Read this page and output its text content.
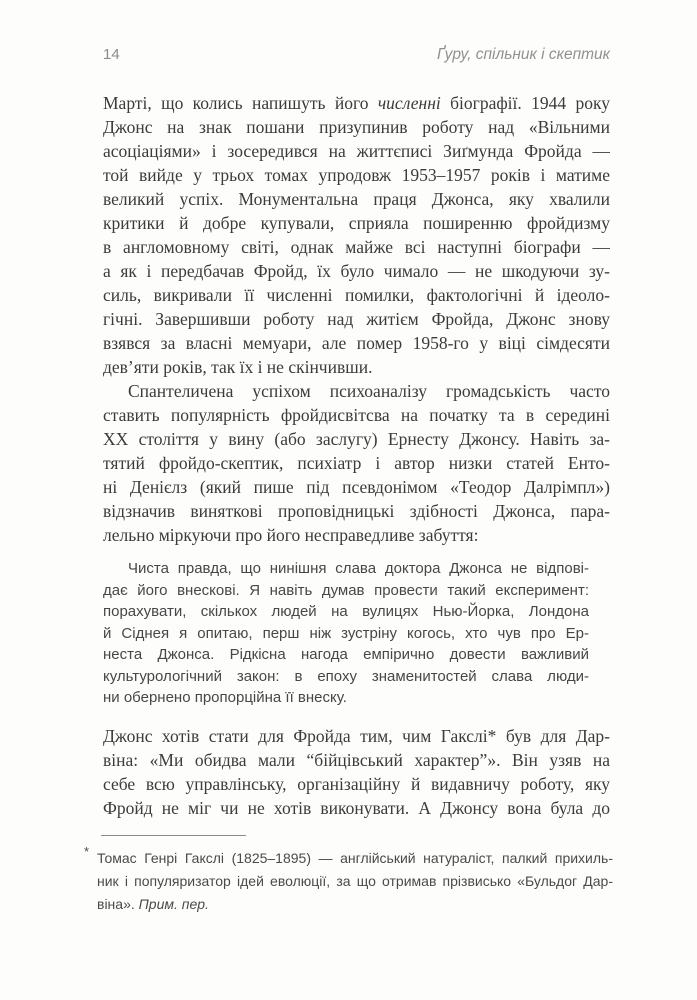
14	Ґуру, спільник і скептик
Марті, що колись напишуть його численні біографії. 1944 року
Джонс на знак пошани призупинив роботу над «Вільними
асоціаціями» і зосередився на життєписі Зиґмунда Фройда —
той вийде у трьох томах упродовж 1953–1957 років і матиме
великий успіх. Монументальна праця Джонса, яку хвалили
критики й добре купували, сприяла поширенню фройдизму
в англомовному світі, однак майже всі наступні біографи —
а як і передбачав Фройд, їх було чимало — не шкодуючи зу-
силь, викривали її численні помилки, фактологічні й ідеоло-
гічні. Завершивши роботу над житієм Фройда, Джонс знову
взявся за власні мемуари, але помер 1958-го у віці сімдесяти
дев’яти років, так їх і не скінчивши.
Спантеличена успіхом психоаналізу громадськість часто
ставить популярність фройдисвітсва на початку та в середині
ХХ століття у вину (або заслугу) Ернесту Джонсу. Навіть за-
тятий фройдо-скептик, психіатр і автор низки статей Енто-
ні Денієлз (який пише під псевдонімом «Теодор Далрімпл»)
відзначив виняткові проповідницькі здібності Джонса, пара-
лельно міркуючи про його несправедливе забуття:
Чиста правда, що нинішня слава доктора Джонса не відпові-
дає його внескові. Я навіть думав провести такий експеримент:
порахувати, скількох людей на вулицях Нью-Йорка, Лондона
й Сіднея я опитаю, перш ніж зустріну когось, хто чув про Ер-
неста Джонса. Рідкісна нагода емпірично довести важливий
культурологічний закон: в епоху знаменитостей слава люди-
ни обернено пропорційна її внеску.
Джонс хотів стати для Фройда тим, чим Гакслі* був для Дар-
віна: «Ми обидва мали “бійцівський характер”». Він узяв на
себе всю управлінську, організаційну й видавничу роботу, яку
Фройд не міг чи не хотів виконувати. А Джонсу вона була до
* Томас Генрі Гакслі (1825–1895) — англійський натураліст, палкий прихиль-
ник і популяризатор ідей еволюції, за що отримав прізвисько «Бульдог Дар-
віна». Прим. пер.
